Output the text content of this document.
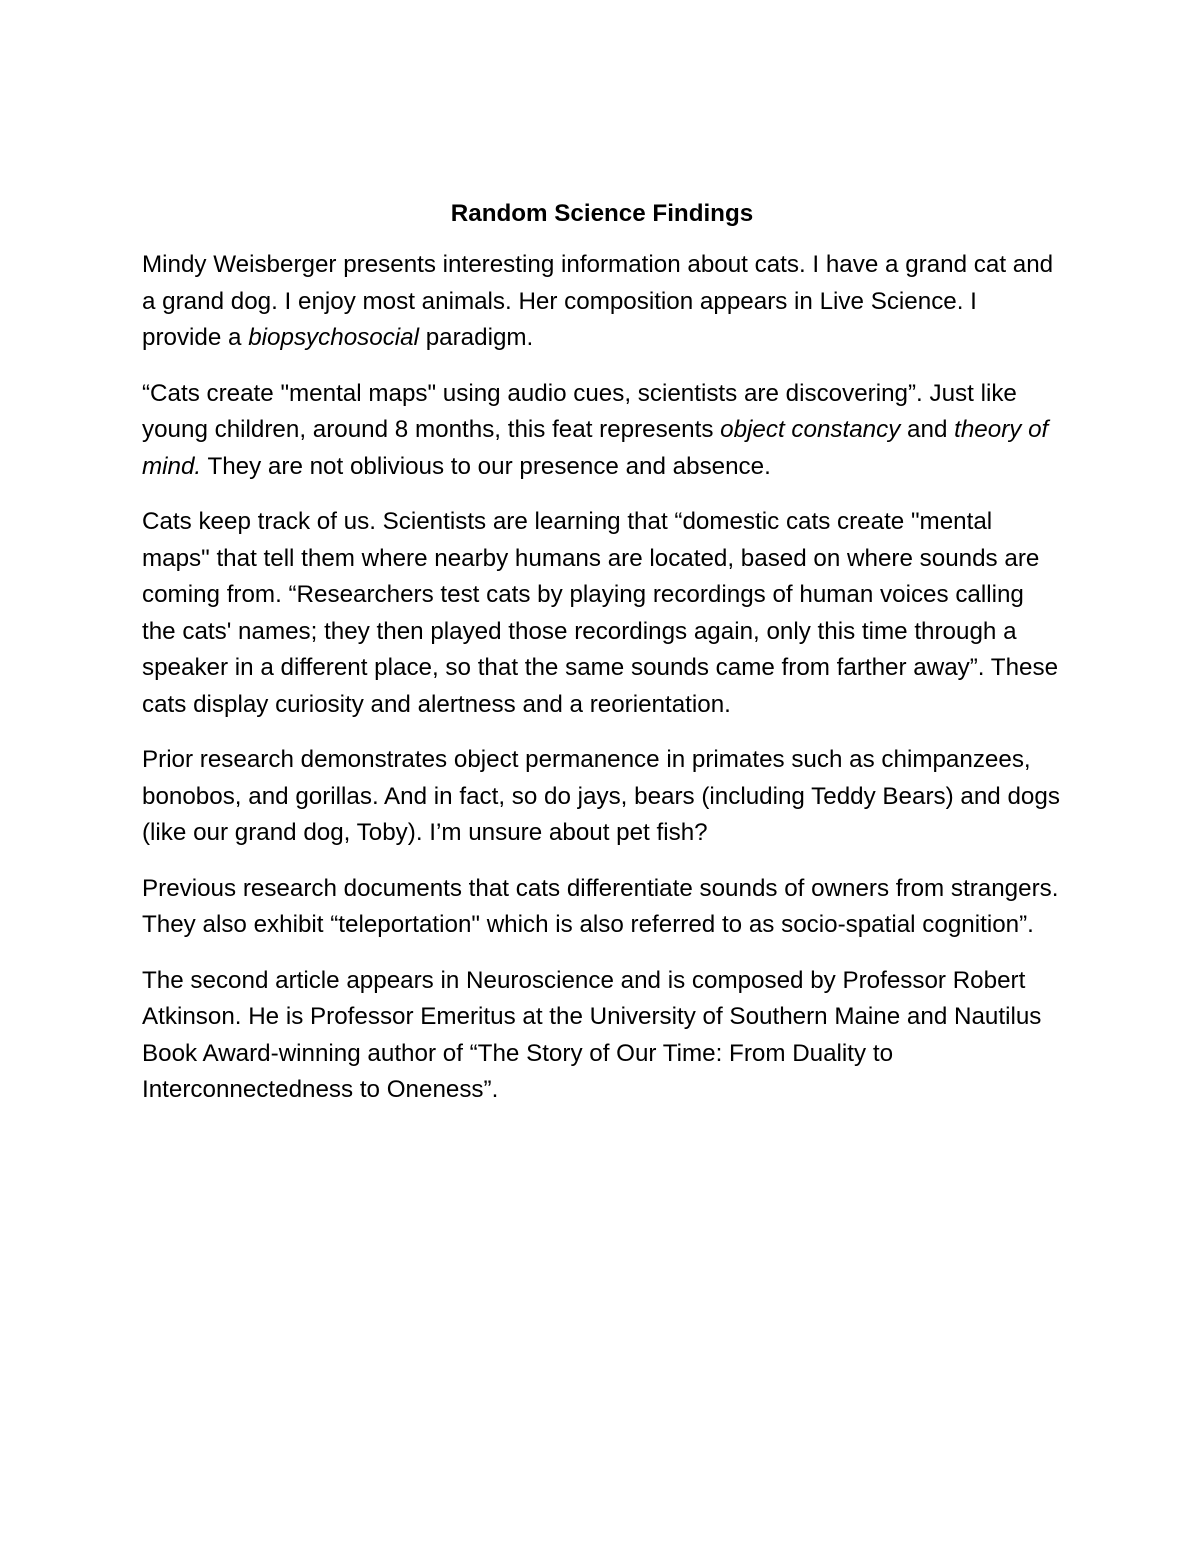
Random Science Findings

Mindy Weisberger presents interesting information about cats. I have a grand cat and a grand dog. I enjoy most animals. Her composition appears in Live Science. I provide a biopsychosocial paradigm.

“Cats create "mental maps" using audio cues, scientists are discovering”. Just like young children, around 8 months, this feat represents object constancy and theory of mind. They are not oblivious to our presence and absence.

Cats keep track of us. Scientists are learning that “domestic cats create "mental maps" that tell them where nearby humans are located, based on where sounds are coming from. “Researchers test cats by playing recordings of human voices calling the cats' names; they then played those recordings again, only this time through a speaker in a different place, so that the same sounds came from farther away”. These cats display curiosity and alertness and a reorientation.

Prior research demonstrates object permanence in primates such as chimpanzees, bonobos, and gorillas. And in fact, so do jays, bears (including Teddy Bears) and dogs (like our grand dog, Toby). I’m unsure about pet fish?

Previous research documents that cats differentiate sounds of owners from strangers. They also exhibit “teleportation" which is also referred to as socio-spatial cognition”.

The second article appears in Neuroscience and is composed by Professor Robert Atkinson. He is Professor Emeritus at the University of Southern Maine and Nautilus Book Award-winning author of “The Story of Our Time: From Duality to Interconnectedness to Oneness”.
